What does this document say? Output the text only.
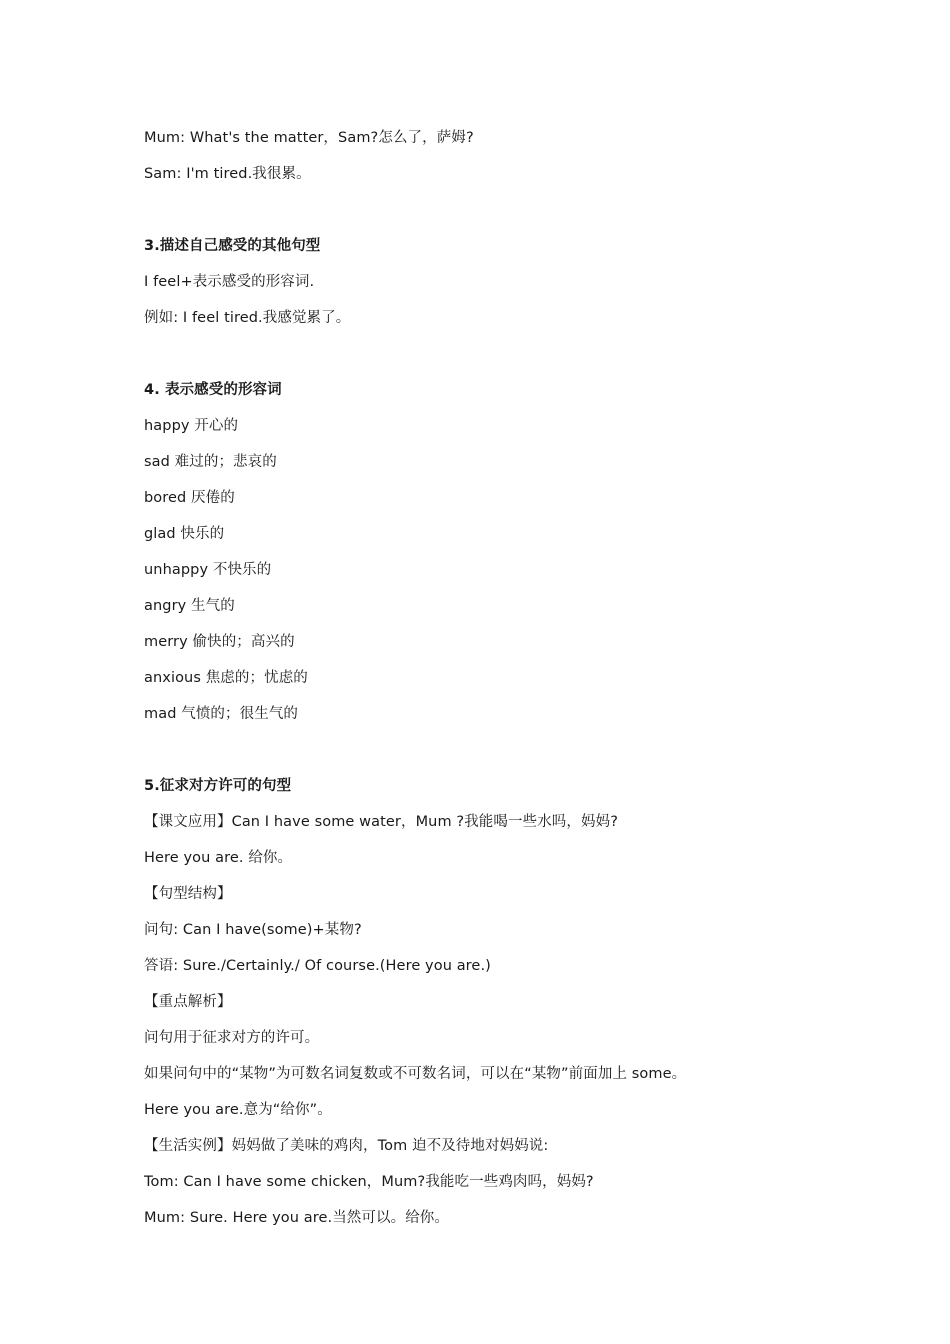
Mum: What's the matter，Sam?怎么了，萨姆?
Sam: I'm tired.我很累。
3.描述自己感受的其他句型
I feel+表示感受的形容词.
例如: I feel tired.我感觉累了。
4. 表示感受的形容词
happy 开心的
sad 难过的；悲哀的
bored 厌倦的
glad 快乐的
unhappy 不快乐的
angry 生气的
merry 偷快的；高兴的
anxious 焦虑的；忧虑的
mad 气愤的；很生气的
5.征求对方许可的句型
【课文应用】Can I have some water，Mum ?我能喝一些水吗，妈妈?
Here you are. 给你。
【句型结构】
问句: Can I have(some)+某物?
答语: Sure./Certainly./ Of course.(Here you are.)
【重点解析】
问句用于征求对方的许可。
如果问句中的“某物”为可数名词复数或不可数名词，可以在“某物”前面加上 some。
Here you are.意为“给你”。
【生活实例】妈妈做了美味的鸡肉，Tom 迫不及待地对妈妈说:
Tom: Can I have some chicken，Mum?我能吃一些鸡肉吗，妈妈?
Mum: Sure. Here you are.当然可以。给你。
